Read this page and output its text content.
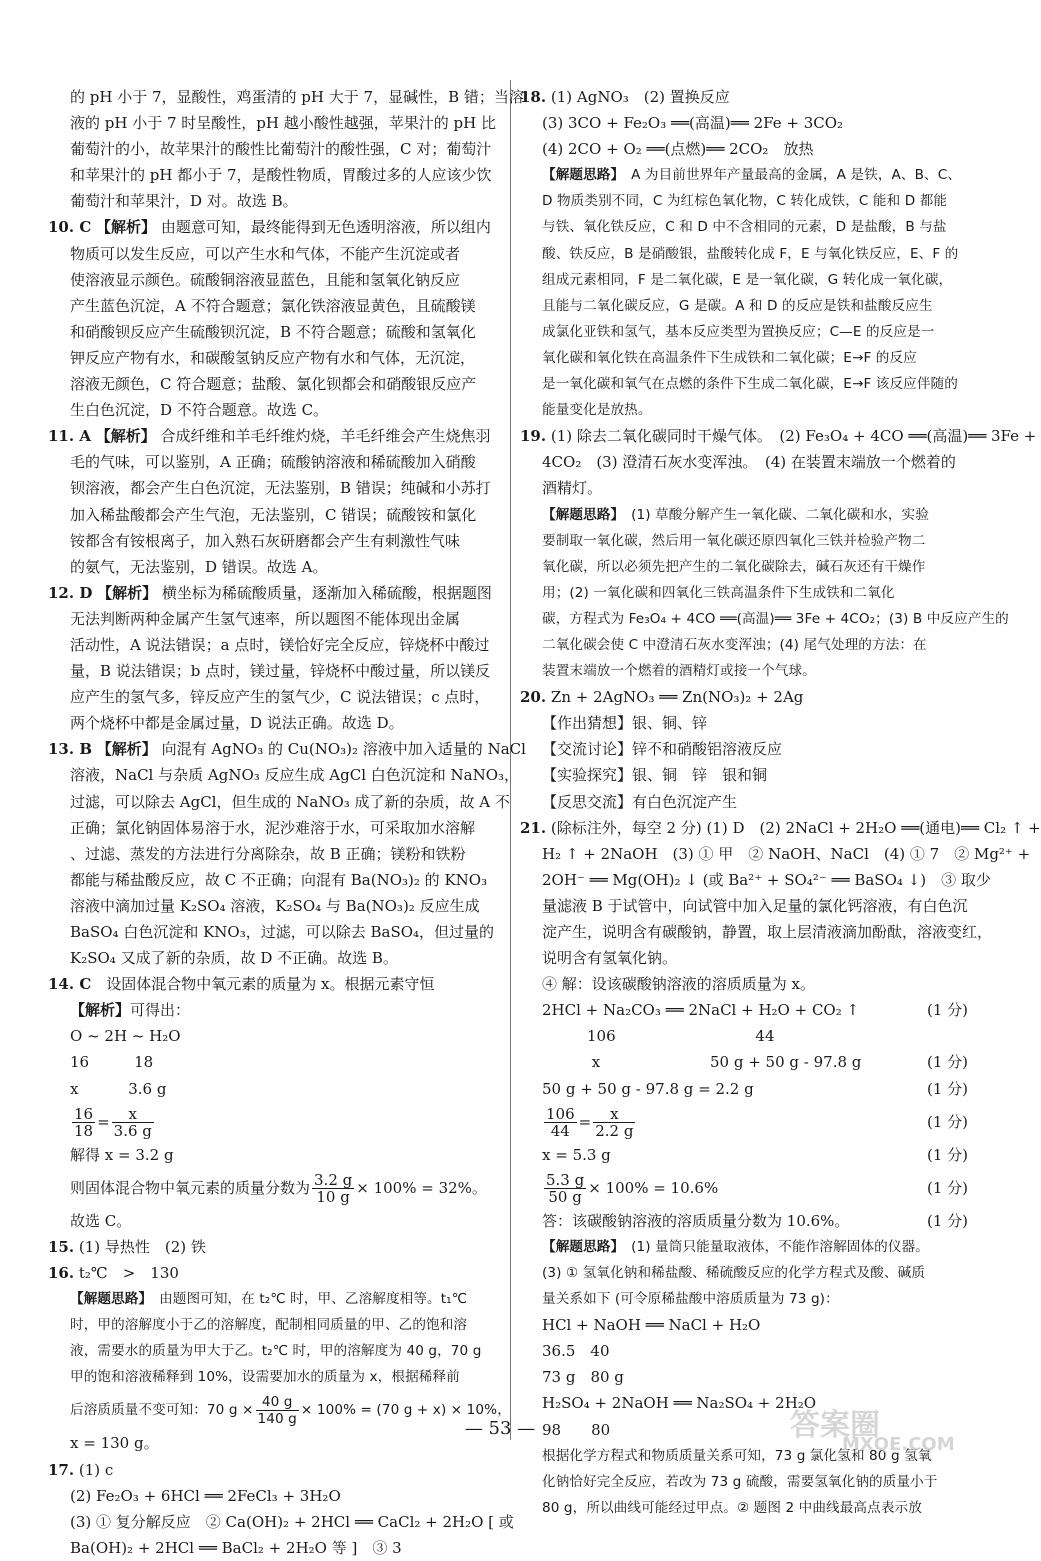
的 pH 小于 7，显酸性，鸡蛋清的 pH 大于 7，显碱性，B 错；当溶
液的 pH 小于 7 时呈酸性，pH 越小酸性越强，苹果汁的 pH 比
葡萄汁的小，故苹果汁的酸性比葡萄汁的酸性强，C 对；葡萄汁
和苹果汁的 pH 都小于 7，是酸性物质，胃酸过多的人应该少饮
葡萄汁和苹果汁，D 对。故选 B。
10. C 【解析】 由题意可知，最终能得到无色透明溶液，所以组内
物质可以发生反应，可以产生水和气体，不能产生沉淀或者
使溶液显示颜色。硫酸铜溶液显蓝色，且能和氢氧化钠反应
产生蓝色沉淀，A 不符合题意；氯化铁溶液显黄色，且硫酸镁
和硝酸钡反应产生硫酸钡沉淀，B 不符合题意；硫酸和氢氧化
钾反应产物有水，和碳酸氢钠反应产物有水和气体，无沉淀，
溶液无颜色，C 符合题意；盐酸、氯化钡都会和硝酸银反应产
生白色沉淀，D 不符合题意。故选 C。
11. A 【解析】 合成纤维和羊毛纤维灼烧，羊毛纤维会产生烧焦羽
毛的气味，可以鉴别，A 正确；硫酸钠溶液和稀硫酸加入硝酸
钡溶液，都会产生白色沉淀，无法鉴别，B 错误；纯碱和小苏打
加入稀盐酸都会产生气泡，无法鉴别，C 错误；硫酸铵和氯化
铵都含有铵根离子，加入熟石灰研磨都会产生有刺激性气味
的氨气，无法鉴别，D 错误。故选 A。
12. D 【解析】 横坐标为稀硫酸质量，逐渐加入稀硫酸，根据题图
无法判断两种金属产生氢气速率，所以题图不能体现出金属
活动性，A 说法错误；a 点时，镁恰好完全反应，锌烧杯中酸过
量，B 说法错误；b 点时，镁过量，锌烧杯中酸过量，所以镁反
应产生的氢气多，锌反应产生的氢气少，C 说法错误；c 点时，
两个烧杯中都是金属过量，D 说法正确。故选 D。
13. B 【解析】 向混有 AgNO₃ 的 Cu(NO₃)₂ 溶液中加入适量的 NaCl
溶液，NaCl 与杂质 AgNO₃ 反应生成 AgCl 白色沉淀和 NaNO₃，
过滤，可以除去 AgCl，但生成的 NaNO₃ 成了新的杂质，故 A 不
正确；氯化钠固体易溶于水，泥沙难溶于水，可采取加水溶解
、过滤、蒸发的方法进行分离除杂，故 B 正确；镁粉和铁粉
都能与稀盐酸反应，故 C 不正确；向混有 Ba(NO₃)₂ 的 KNO₃
溶液中滴加过量 K₂SO₄ 溶液，K₂SO₄ 与 Ba(NO₃)₂ 反应生成
BaSO₄ 白色沉淀和 KNO₃，过滤，可以除去 BaSO₄，但过量的
K₂SO₄ 又成了新的杂质，故 D 不正确。故选 B。
14. C　 设固体混合物中氧元素的质量为 x。根据元素守恒
【解析】可得出：
O ~ 2H ~ H₂O
16　　　18
x　　　 3.6 g
$\frac{16}{18} = \frac{x}{3.6 g}$
解得 x = 3.2 g
则固体混合物中氧元素的质量分数为 $\frac{3.2 g}{10 g} \times 100\% = 32\%$。
故选 C。
15. (1) 导热性　(2) 铁
16. t₂℃　>　130
【解题思路】　 由题图可知，在 t₂℃ 时，甲、乙溶解度相等。t₁℃
时，甲的溶解度小于乙的溶解度，配制相同质量的甲、乙的饱和溶
液，需要水的质量为甲大于乙。t₂℃ 时，甲的溶解度为 40 g，70 g
甲的饱和溶液稀释到 10%，设需要加水的质量为 x，根据稀释前
后溶质质量不变可知：70 $g \times \frac{40 g}{140 g} \times 100\% = (70$ g + x) × 10%，
x = 130 g。
17. (1) c
(2) Fe₂O₃ + 6HCl ══ 2FeCl₃ + 3H₂O
(3) ① 复分解反应　② Ca(OH)₂ + 2HCl ══ CaCl₂ + 2H₂O [ 或
Ba(OH)₂ + 2HCl ══ BaCl₂ + 2H₂O 等 ]　③ 3
18. (1) AgNO₃　(2) 置换反应
(3) 3CO + Fe₂O₃ ══(高温)══ 2Fe + 3CO₂
(4) 2CO + O₂ ══(点燃)══ 2CO₂　放热
【解题思路】　 A 为目前世界年产量最高的金属，A 是铁，A、B、C、
D 物质类别不同，C 为红棕色氧化物，C 转化成铁，C 能和 D 都能
与铁、氧化铁反应，C 和 D 中不含相同的元素，D 是盐酸，B 与盐
酸、铁反应，B 是硝酸银，盐酸转化成 F，E 与氧化铁反应，E、F 的
组成元素相同，F 是二氧化碳，E 是一氧化碳，G 转化成一氧化碳，
且能与二氧化碳反应，G 是碳。A 和 D 的反应是铁和盐酸反应生
成氯化亚铁和氢气，基本反应类型为置换反应；C—E 的反应是一
氧化碳和氧化铁在高温条件下生成铁和二氧化碳；E→F 的反应
是一氧化碳和氧气在点燃的条件下生成二氧化碳，E→F 该反应伴随的
能量变化是放热。
19. (1) 除去二氧化碳同时干燥气体。　(2) Fe₃O₄ + 4CO ══(高温)══ 3Fe +
4CO₂　(3) 澄清石灰水变浑浊。　(4) 在装置末端放一个燃着的
酒精灯。
【解题思路】　 (1) 草酸分解产生一氧化碳、二氧化碳和水，实验
要制取一氧化碳，然后用一氧化碳还原四氧化三铁并检验产物二
氧化碳，所以必须先把产生的二氧化碳除去，碱石灰还有干燥作
用；(2) 一氧化碳和四氧化三铁高温条件下生成铁和二氧化
碳，方程式为 Fe₃O₄ + 4CO ══(高温)══ 3Fe + 4CO₂；(3) B 中反应产生的
二氧化碳会使 C 中澄清石灰水变浑浊；(4) 尾气处理的方法：在
装置末端放一个燃着的酒精灯或接一个气球。
20. Zn + 2AgNO₃ ══ Zn(NO₃)₂ + 2Ag
【作出猜想】银、铜、锌
【交流讨论】锌不和硝酸铝溶液反应
【实验探究】银、铜　锌　银和铜
【反思交流】有白色沉淀产生
21. (除标注外，每空 2 分) (1) D　(2) 2NaCl + 2H₂O ══(通电)══ Cl₂ ↑ +
H₂ ↑ + 2NaOH　(3) ① 甲　② NaOH、NaCl　(4) ① 7　② Mg²⁺ +
2OH⁻ ══ Mg(OH)₂ ↓ (或 Ba²⁺ + SO₄²⁻ ══ BaSO₄ ↓)　③ 取少
量滤液 B 于试管中，向试管中加入足量的氯化钙溶液，有白色沉
淀产生，说明含有碳酸钠，静置，取上层清液滴加酚酞，溶液变红，
说明含有氢氧化钠。
④ 解：设该碳酸钠溶液的溶质质量为 x。
2HCl + Na₂CO₃ ══ 2NaCl + H₂O + CO₂ ↑	(1 分)
　　　106　　　　　　　　　 44
　　　 x　　　　　　　 50 g + 50 g - 97.8 g	(1 分)
50 g + 50 g - 97.8 g = 2.2 g	(1 分)
$\frac{106}{44} = \frac{x}{2.2 g}$	(1 分)
x = 5.3 g	(1 分)
$\frac{5.3 g}{50 g} \times 100\% = 10.6\%$	(1 分)
答：该碳酸钠溶液的溶质质量分数为 10.6%。	(1 分)
【解题思路】　 (1) 量筒只能量取液体，不能作溶解固体的仪器。
(3) ① 氢氧化钠和稀盐酸、稀硫酸反应的化学方程式及酸、碱质
量关系如下 (可令原稀盐酸中溶质质量为 73 g)：
HCl + NaOH ══ NaCl + H₂O
36.5　40
73 g　80 g
H₂SO₄ + 2NaOH ══ Na₂SO₄ + 2H₂O
98　　80
根据化学方程式和物质质量关系可知，73 g 氯化氢和 80 g 氢氧
化钠恰好完全反应，若改为 73 g 硫酸，需要氢氧化钠的质量小于
80 g，所以曲线可能经过甲点。② 题图 2 中曲线最高点表示放
— 53 —	答案圈
MXQE.COM
